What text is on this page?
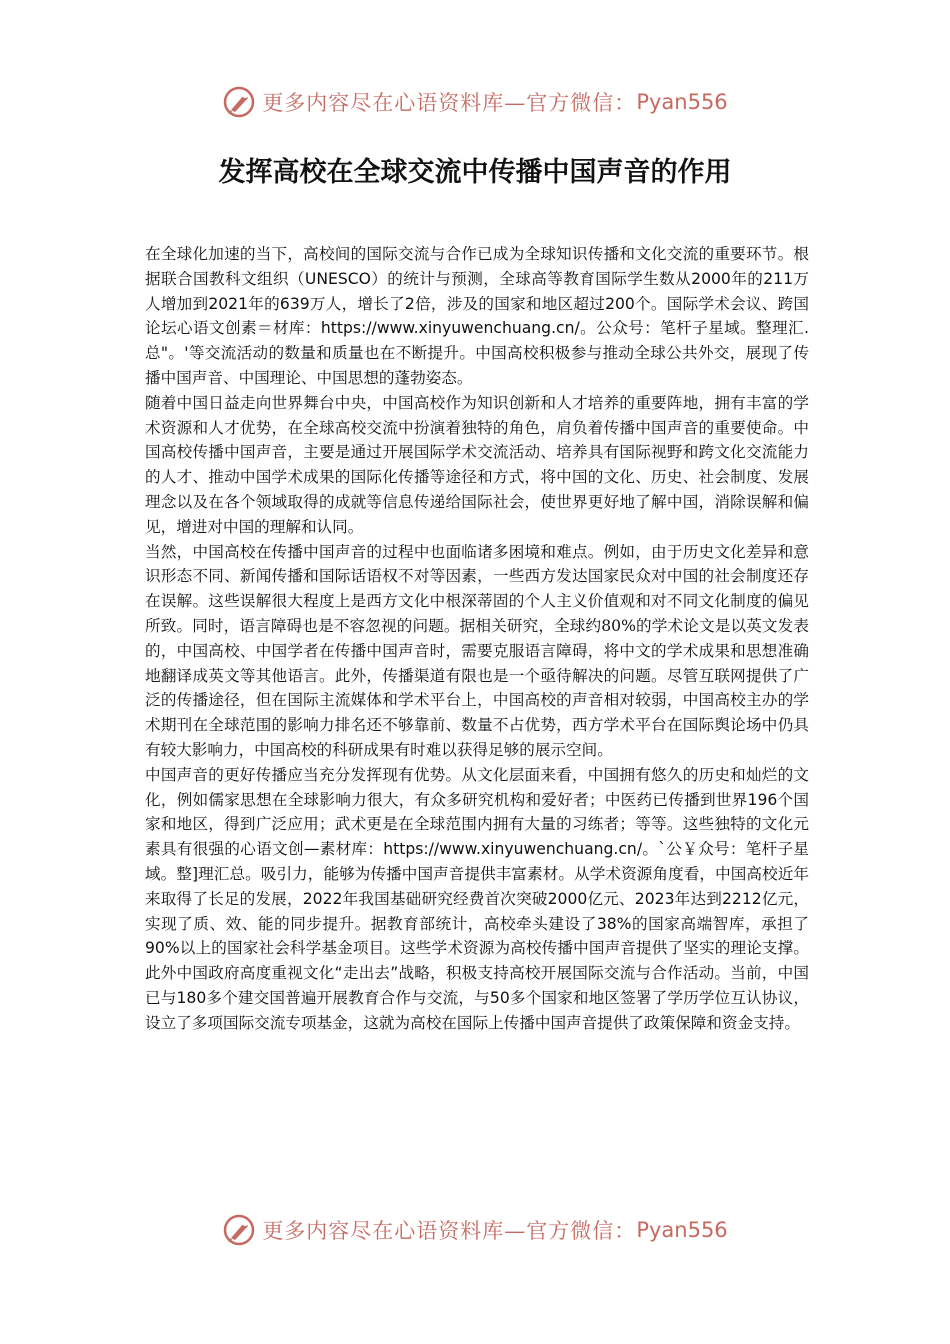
更多内容尽在心语资料库—官方微信： Pyan556
发挥高校在全球交流中传播中国声音的作用

在全球化加速的当下，高校间的国际交流与合作已成为全球知识传播和文化交流的重要环节。根据联合国教科文组织（UNESCO）的统计与预测，全球高等教育国际学生数从2000年的211万人增加到2021年的639万人，增长了2倍，涉及的国家和地区超过200个。国际学术会议、跨国论坛心语文创素＝材库：https://www.xinyuwenchuang.cn/。公众号：笔杆子星域。整理汇.总"。'等交流活动的数量和质量也在不断提升。中国高校积极参与推动全球公共外交，展现了传播中国声音、中国理论、中国思想的蓬勃姿态。

随着中国日益走向世界舞台中央，中国高校作为知识创新和人才培养的重要阵地，拥有丰富的学术资源和人才优势，在全球高校交流中扮演着独特的角色，肩负着传播中国声音的重要使命。中国高校传播中国声音，主要是通过开展国际学术交流活动、培养具有国际视野和跨文化交流能力的人才、推动中国学术成果的国际化传播等途径和方式，将中国的文化、历史、社会制度、发展理念以及在各个领域取得的成就等信息传递给国际社会，使世界更好地了解中国，消除误解和偏见，增进对中国的理解和认同。

当然，中国高校在传播中国声音的过程中也面临诸多困境和难点。例如，由于历史文化差异和意识形态不同、新闻传播和国际话语权不对等因素，一些西方发达国家民众对中国的社会制度还存在误解。这些误解很大程度上是西方文化中根深蒂固的个人主义价值观和对不同文化制度的偏见所致。同时，语言障碍也是不容忽视的问题。据相关研究，全球约80%的学术论文是以英文发表的，中国高校、中国学者在传播中国声音时，需要克服语言障碍，将中文的学术成果和思想准确地翻译成英文等其他语言。此外，传播渠道有限也是一个亟待解决的问题。尽管互联网提供了广泛的传播途径，但在国际主流媒体和学术平台上，中国高校的声音相对较弱，中国高校主办的学术期刊在全球范围的影响力排名还不够靠前、数量不占优势，西方学术平台在国际舆论场中仍具有较大影响力，中国高校的科研成果有时难以获得足够的展示空间。

中国声音的更好传播应当充分发挥现有优势。从文化层面来看，中国拥有悠久的历史和灿烂的文化，例如儒家思想在全球影响力很大，有众多研究机构和爱好者；中医药已传播到世界196个国家和地区，得到广泛应用；武术更是在全球范围内拥有大量的习练者；等等。这些独特的文化元素具有很强的心语文创—素材库：https://www.xinyuwenchuang.cn/。`公￥众号：笔杆子星域。整]理汇总。吸引力，能够为传播中国声音提供丰富素材。从学术资源角度看，中国高校近年来取得了长足的发展，2022年我国基础研究经费首次突破2000亿元、2023年达到2212亿元，实现了质、效、能的同步提升。据教育部统计，高校牵头建设了38%的国家高端智库，承担了90%以上的国家社会科学基金项目。这些学术资源为高校传播中国声音提供了坚实的理论支撑。此外中国政府高度重视文化“走出去”战略，积极支持高校开展国际交流与合作活动。当前，中国已与180多个建交国普遍开展教育合作与交流，与50多个国家和地区签署了学历学位互认协议，设立了多项国际交流专项基金，这就为高校在国际上传播中国声音提供了政策保障和资金支持。

更多内容尽在心语资料库—官方微信： Pyan556
